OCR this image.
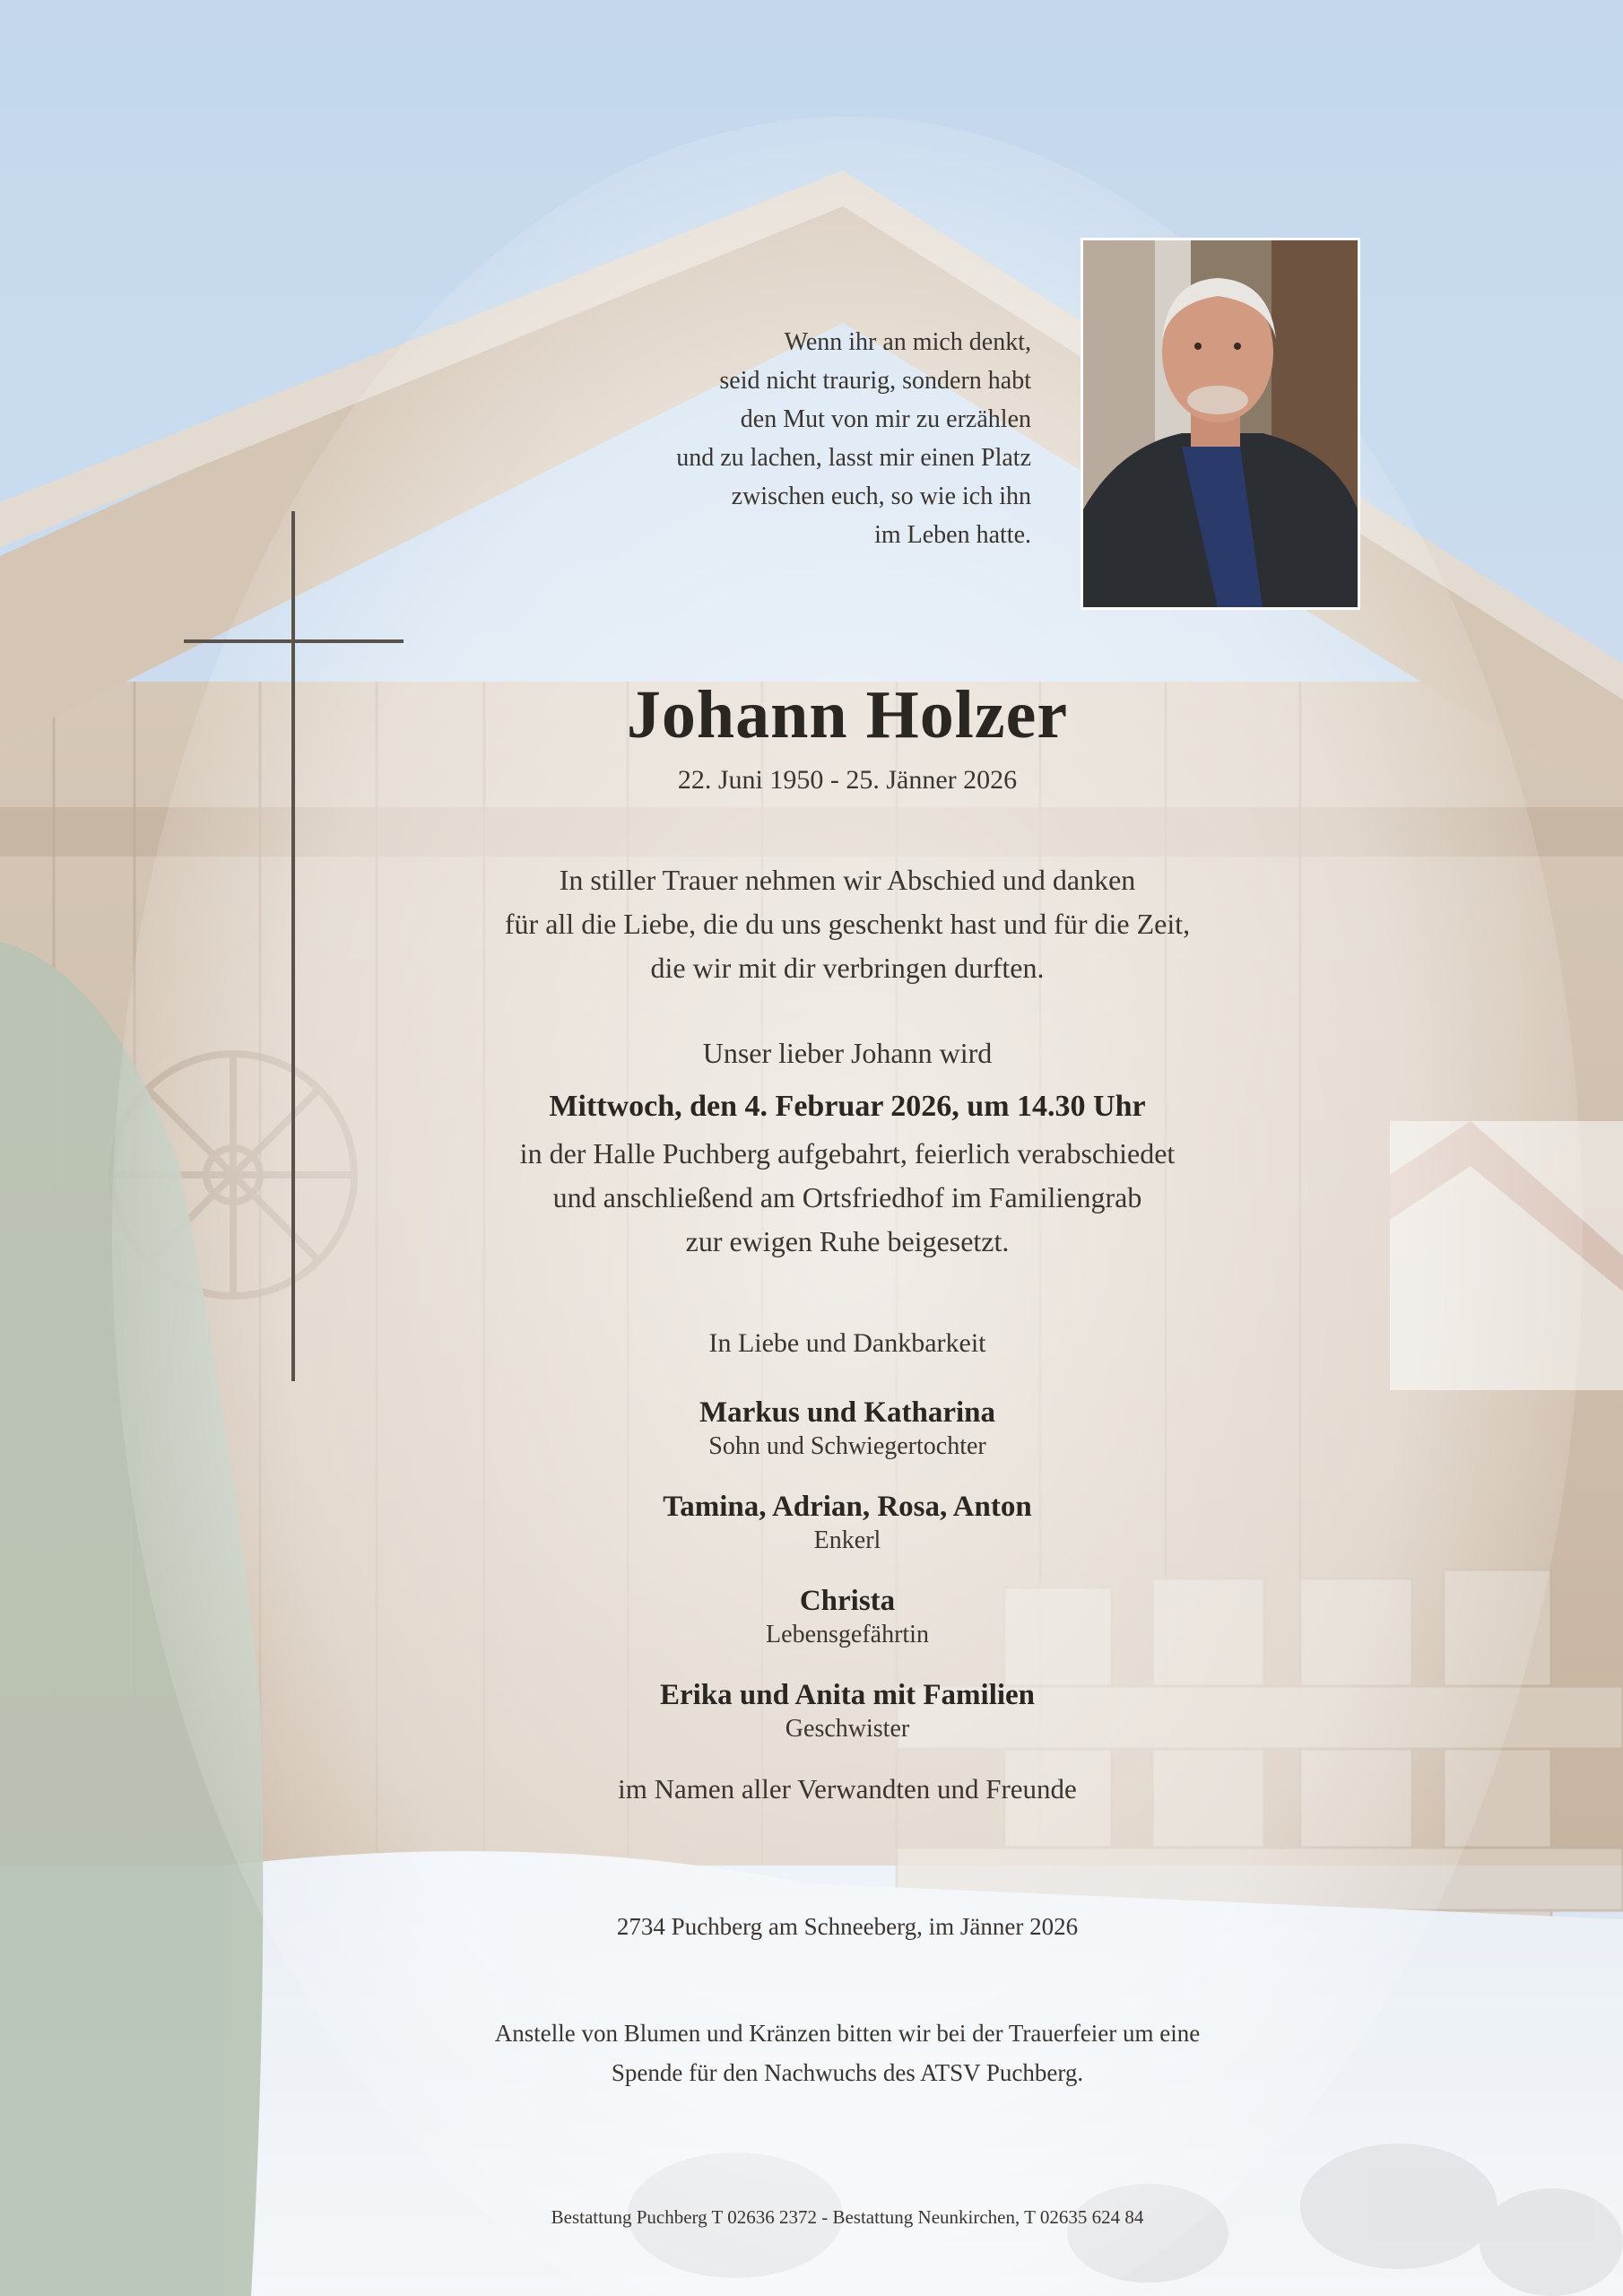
Wenn ihr an mich denkt,
seid nicht traurig, sondern habt
den Mut von mir zu erzählen
und zu lachen, lasst mir einen Platz
zwischen euch, so wie ich ihn
im Leben hatte.
Johann Holzer
22. Juni 1950 - 25. Jänner 2026
In stiller Trauer nehmen wir Abschied und danken
für all die Liebe, die du uns geschenkt hast und für die Zeit,
die wir mit dir verbringen durften.
Unser lieber Johann wird
Mittwoch, den 4. Februar 2026, um 14.30 Uhr
in der Halle Puchberg aufgebahrt, feierlich verabschiedet
und anschließend am Ortsfriedhof im Familiengrab
zur ewigen Ruhe beigesetzt.
In Liebe und Dankbarkeit
Markus und Katharina
Sohn und Schwiegertochter
Tamina, Adrian, Rosa, Anton
Enkerl
Christa
Lebensgefährtin
Erika und Anita mit Familien
Geschwister
im Namen aller Verwandten und Freunde
2734 Puchberg am Schneeberg, im Jänner 2026
Anstelle von Blumen und Kränzen bitten wir bei der Trauerfeier um eine
Spende für den Nachwuchs des ATSV Puchberg.
Bestattung Puchberg T 02636 2372 - Bestattung Neunkirchen, T 02635 624 84
